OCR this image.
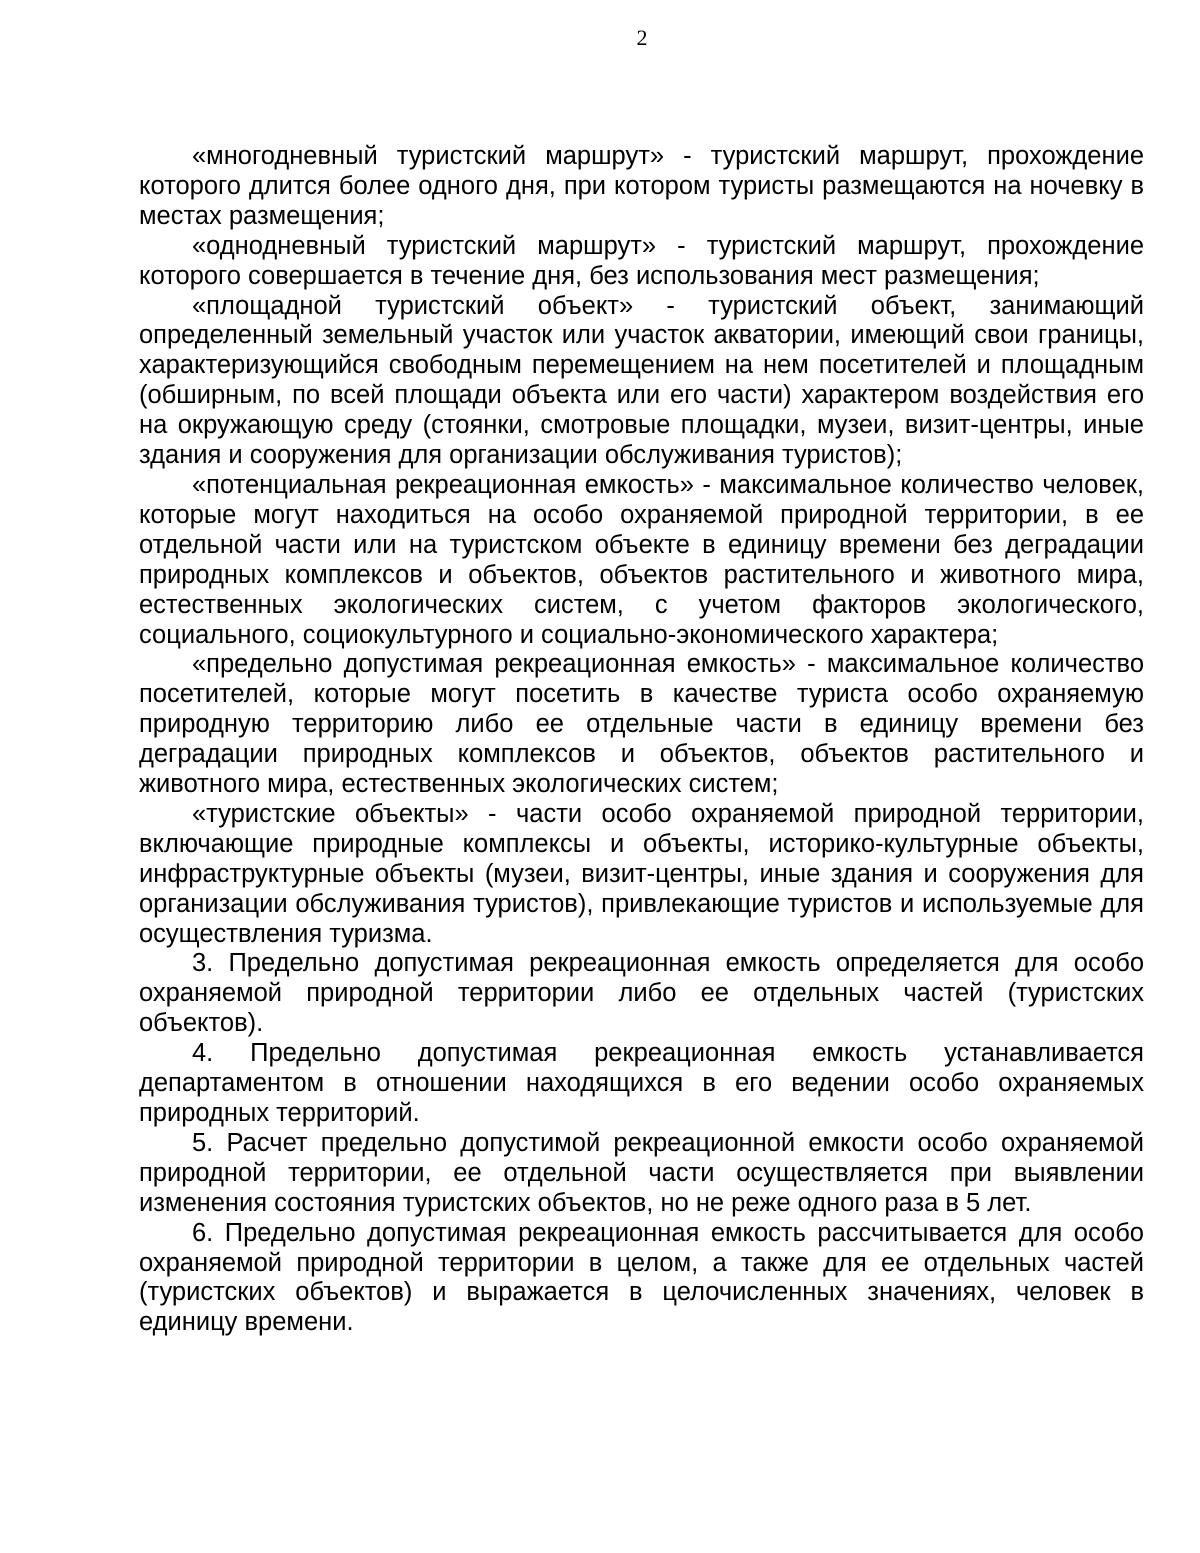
2

«многодневный туристский маршрут» - туристский маршрут, прохождение которого длится более одного дня, при котором туристы размещаются на ночевку в местах размещения;

«однодневный туристский маршрут» - туристский маршрут, прохождение которого совершается в течение дня, без использования мест размещения;

«площадной туристский объект» - туристский объект, занимающий определенный земельный участок или участок акватории, имеющий свои границы, характеризующийся свободным перемещением на нем посетителей и площадным (обширным, по всей площади объекта или его части) характером воздействия его на окружающую среду (стоянки, смотровые площадки, музеи, визит-центры, иные здания и сооружения для организации обслуживания туристов);

«потенциальная рекреационная емкость» - максимальное количество человек, которые могут находиться на особо охраняемой природной территории, в ее отдельной части или на туристском объекте в единицу времени без деградации природных комплексов и объектов, объектов растительного и животного мира, естественных экологических систем, с учетом факторов экологического, социального, социокультурного и социально-экономического характера;

«предельно допустимая рекреационная емкость» - максимальное количество посетителей, которые могут посетить в качестве туриста особо охраняемую природную территорию либо ее отдельные части в единицу времени без деградации природных комплексов и объектов, объектов растительного и животного мира, естественных экологических систем;

«туристские объекты» - части особо охраняемой природной территории, включающие природные комплексы и объекты, историко-культурные объекты, инфраструктурные объекты (музеи, визит-центры, иные здания и сооружения для организации обслуживания туристов), привлекающие туристов и используемые для осуществления туризма.

3. Предельно допустимая рекреационная емкость определяется для особо охраняемой природной территории либо ее отдельных частей (туристских объектов).

4. Предельно допустимая рекреационная емкость устанавливается департаментом в отношении находящихся в его ведении особо охраняемых природных территорий.

5. Расчет предельно допустимой рекреационной емкости особо охраняемой природной территории, ее отдельной части осуществляется при выявлении изменения состояния туристских объектов, но не реже одного раза в 5 лет.

6. Предельно допустимая рекреационная емкость рассчитывается для особо охраняемой природной территории в целом, а также для ее отдельных частей (туристских объектов) и выражается в целочисленных значениях, человек в единицу времени.
